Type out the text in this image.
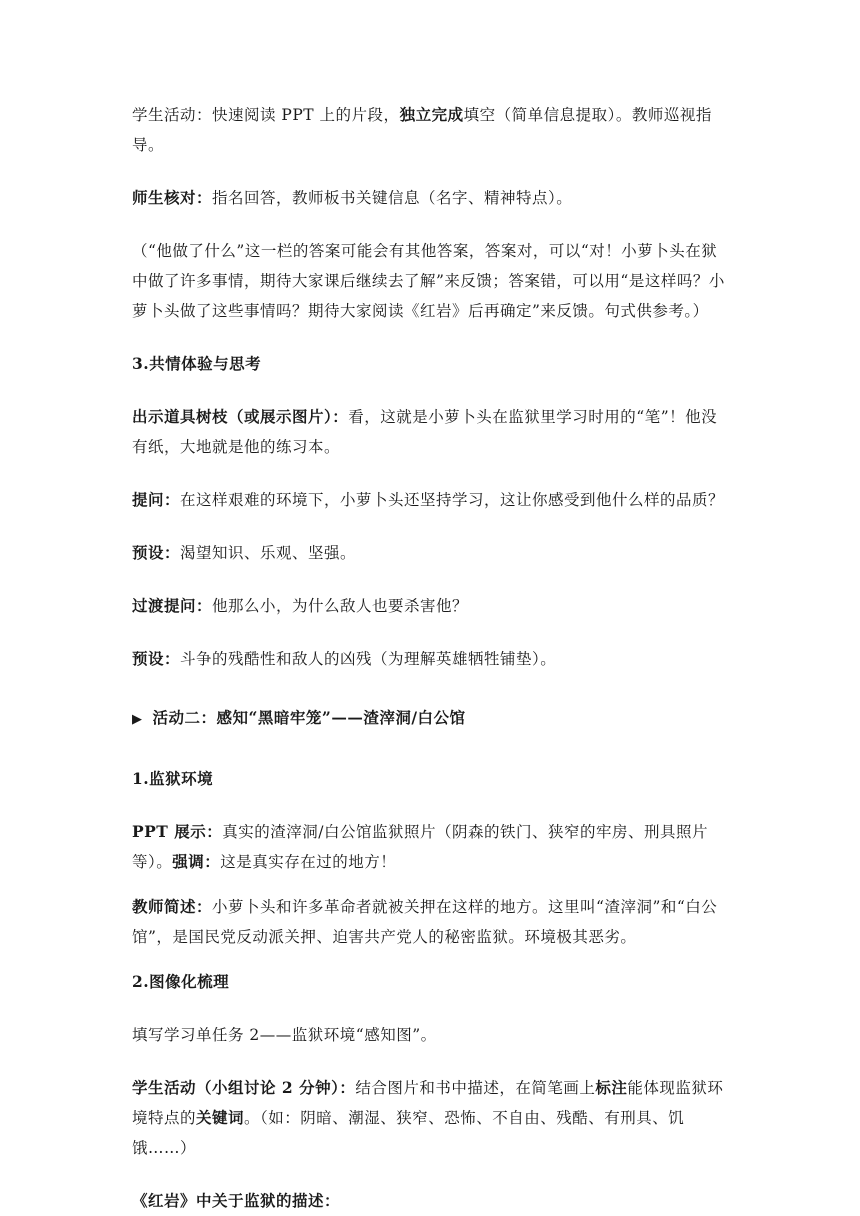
学生活动：快速阅读 PPT 上的片段，独立完成填空（简单信息提取）。教师巡视指导。

师生核对：指名回答，教师板书关键信息（名字、精神特点）。

（“他做了什么”这一栏的答案可能会有其他答案，答案对，可以“对！小萝卜头在狱中做了许多事情，期待大家课后继续去了解”来反馈；答案错，可以用“是这样吗？小萝卜头做了这些事情吗？期待大家阅读《红岩》后再确定”来反馈。句式供参考。）

3.共情体验与思考

出示道具树枝（或展示图片）：看，这就是小萝卜头在监狱里学习时用的“笔”！他没有纸，大地就是他的练习本。

提问：在这样艰难的环境下，小萝卜头还坚持学习，这让你感受到他什么样的品质？

预设：渴望知识、乐观、坚强。

过渡提问：他那么小，为什么敌人也要杀害他？

预设：斗争的残酷性和敌人的凶残（为理解英雄牺牲铺垫）。

▶ 活动二：感知“黑暗牢笼”——渣滓洞/白公馆

1.监狱环境

PPT 展示：真实的渣滓洞/白公馆监狱照片（阴森的铁门、狭窄的牢房、刑具照片等）。强调：这是真实存在过的地方！

教师简述：小萝卜头和许多革命者就被关押在这样的地方。这里叫“渣滓洞”和“白公馆”，是国民党反动派关押、迫害共产党人的秘密监狱。环境极其恶劣。

2.图像化梳理

填写学习单任务 2——监狱环境“感知图”。

学生活动（小组讨论 2 分钟）：结合图片和书中描述，在简笔画上标注能体现监狱环境特点的关键词。（如：阴暗、潮湿、狭窄、恐怖、不自由、残酷、有刑具、饥饿……）

《红岩》中关于监狱的描述：
